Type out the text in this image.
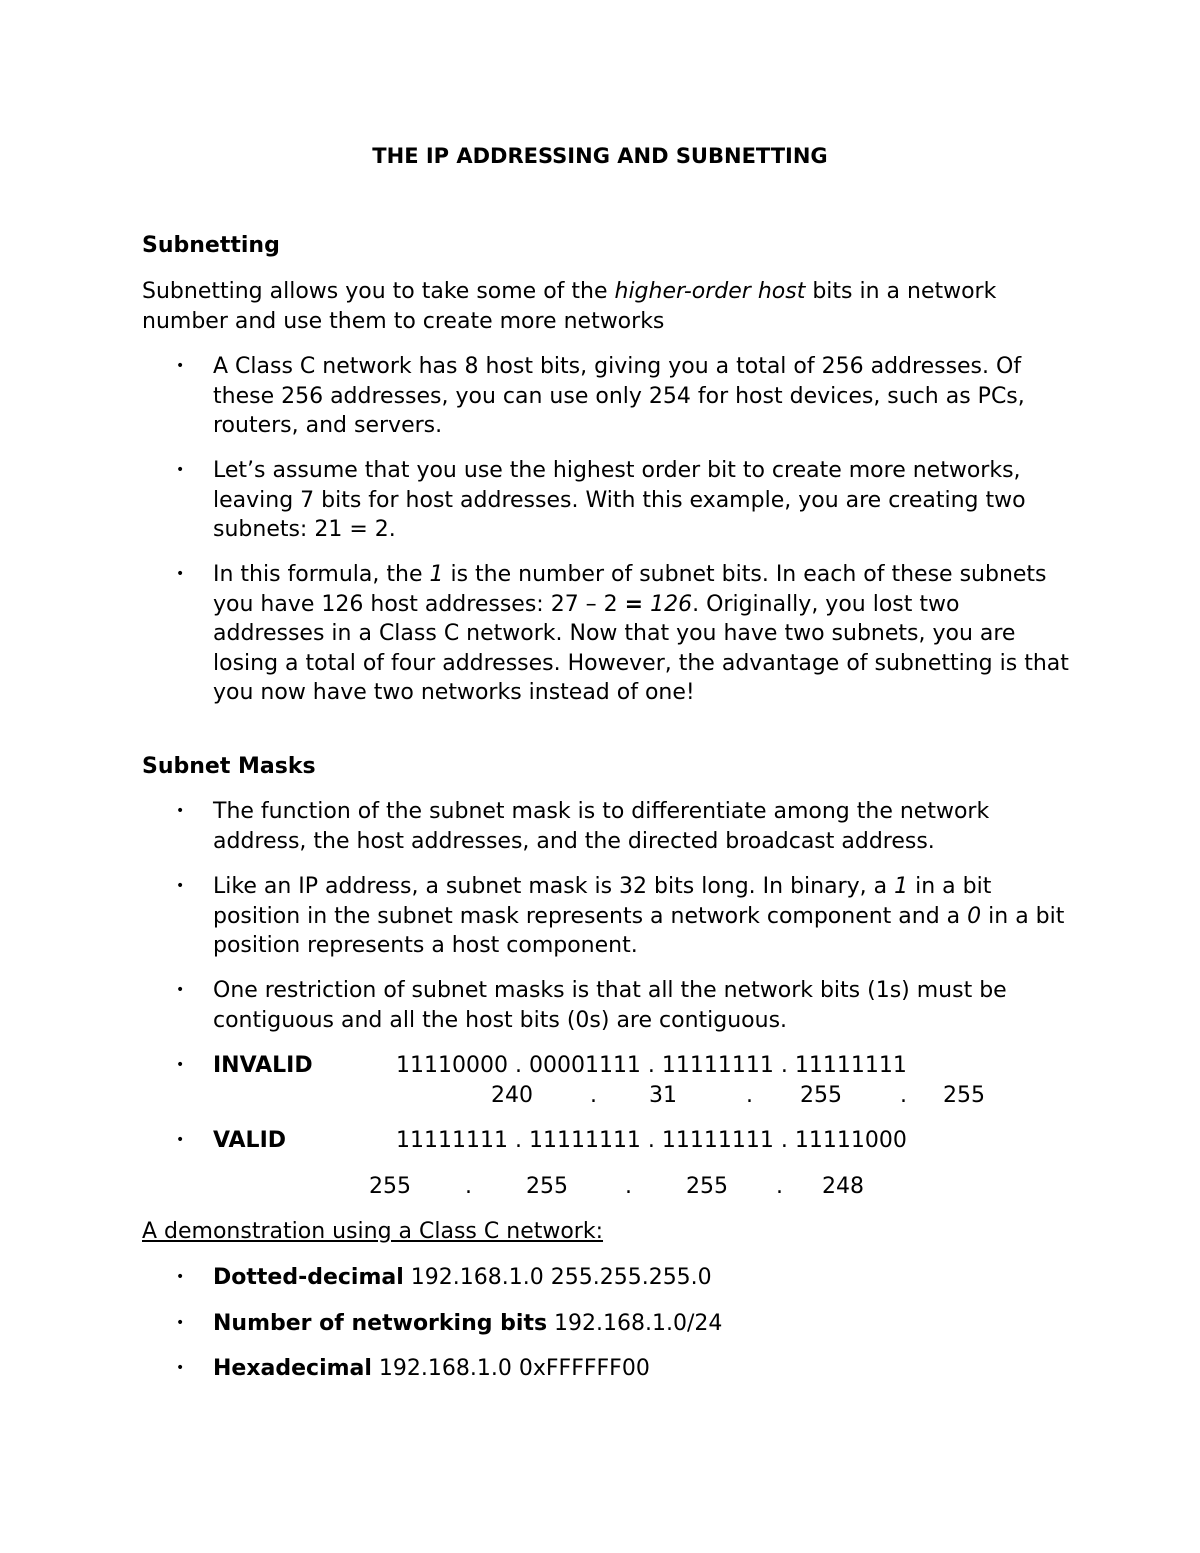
THE IP ADDRESSING AND SUBNETTING
Subnetting
Subnetting allows you to take some of the higher-order host bits in a network number and use them to create more networks
• A Class C network has 8 host bits, giving you a total of 256 addresses. Of these 256 addresses, you can use only 254 for host devices, such as PCs, routers, and servers.
• Let’s assume that you use the highest order bit to create more networks, leaving 7 bits for host addresses. With this example, you are creating two subnets: 21 = 2.
• In this formula, the 1 is the number of subnet bits. In each of these subnets you have 126 host addresses: 27 – 2 = 126. Originally, you lost two addresses in a Class C network. Now that you have two subnets, you are losing a total of four addresses. However, the advantage of subnetting is that you now have two networks instead of one!
Subnet Masks
• The function of the subnet mask is to differentiate among the network address, the host addresses, and the directed broadcast address.
• Like an IP address, a subnet mask is 32 bits long. In binary, a 1 in a bit position in the subnet mask represents a network component and a 0 in a bit position represents a host component.
• One restriction of subnet masks is that all the network bits (1s) must be contiguous and all the host bits (0s) are contiguous.
• INVALID	11110000 . 00001111 . 11111111 . 11111111
240	. 31	. 255	. 255
• VALID	11111111 . 11111111 . 11111111 . 11111000
255 . 255	. 255 . 248
A demonstration using a Class C network:
• Dotted-decimal 192.168.1.0 255.255.255.0
• Number of networking bits 192.168.1.0/24
• Hexadecimal 192.168.1.0 0xFFFFFF00
